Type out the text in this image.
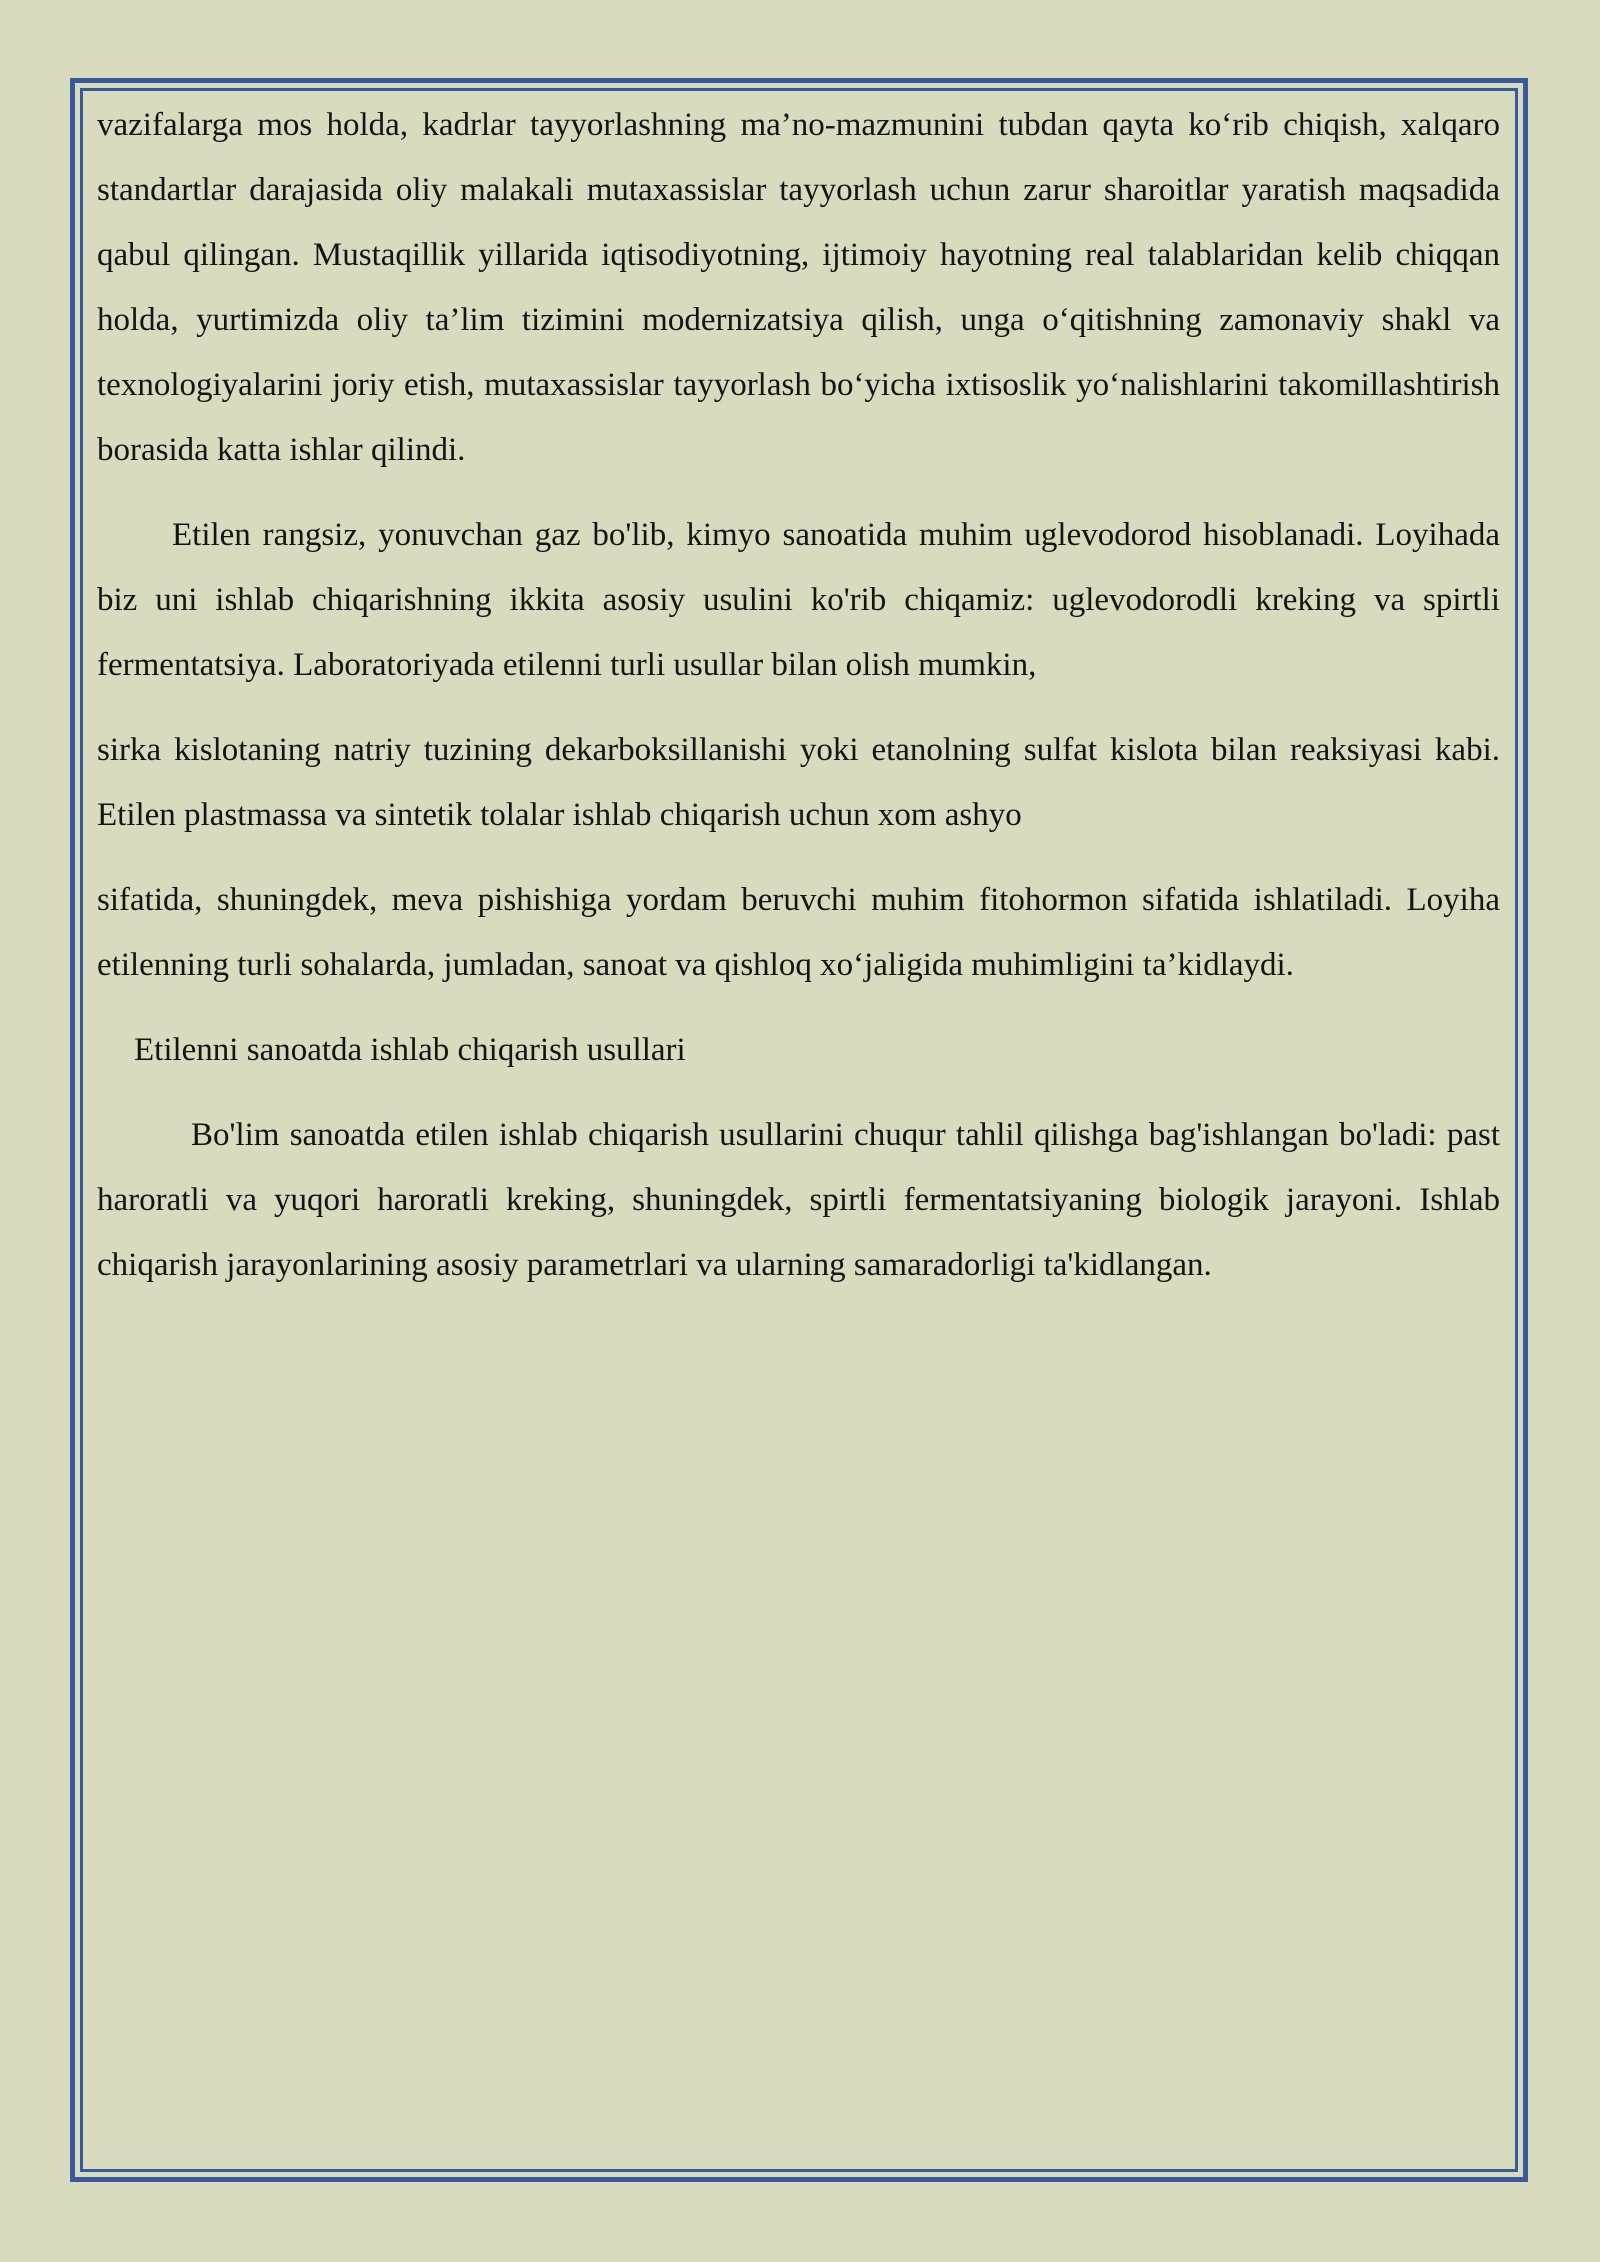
vazifalarga mos holda, kadrlar tayyorlashning ma’no-mazmunini tubdan qayta ko‘rib chiqish, xalqaro standartlar darajasida oliy malakali mutaxassislar tayyorlash uchun zarur sharoitlar yaratish maqsadida qabul qilingan. Mustaqillik yillarida iqtisodiyotning, ijtimoiy hayotning real talablaridan kelib chiqqan holda, yurtimizda oliy ta’lim tizimini modernizatsiya qilish, unga o‘qitishning zamonaviy shakl va texnologiyalarini joriy etish, mutaxassislar tayyorlash bo‘yicha ixtisoslik yo‘nalishlarini takomillashtirish borasida katta ishlar qilindi.

Etilen rangsiz, yonuvchan gaz bo'lib, kimyo sanoatida muhim uglevodorod hisoblanadi. Loyihada biz uni ishlab chiqarishning ikkita asosiy usulini ko'rib chiqamiz: uglevodorodli kreking va spirtli fermentatsiya. Laboratoriyada etilenni turli usullar bilan olish mumkin,

sirka kislotaning natriy tuzining dekarboksillanishi yoki etanolning sulfat kislota bilan reaksiyasi kabi. Etilen plastmassa va sintetik tolalar ishlab chiqarish uchun xom ashyo

sifatida, shuningdek, meva pishishiga yordam beruvchi muhim fitohormon sifatida ishlatiladi. Loyiha etilenning turli sohalarda, jumladan, sanoat va qishloq xo‘jaligida muhimligini ta’kidlaydi.

Etilenni sanoatda ishlab chiqarish usullari

Bo'lim sanoatda etilen ishlab chiqarish usullarini chuqur tahlil qilishga bag'ishlangan bo'ladi: past haroratli va yuqori haroratli kreking, shuningdek, spirtli fermentatsiyaning biologik jarayoni. Ishlab chiqarish jarayonlarining asosiy parametrlari va ularning samaradorligi ta'kidlangan.
